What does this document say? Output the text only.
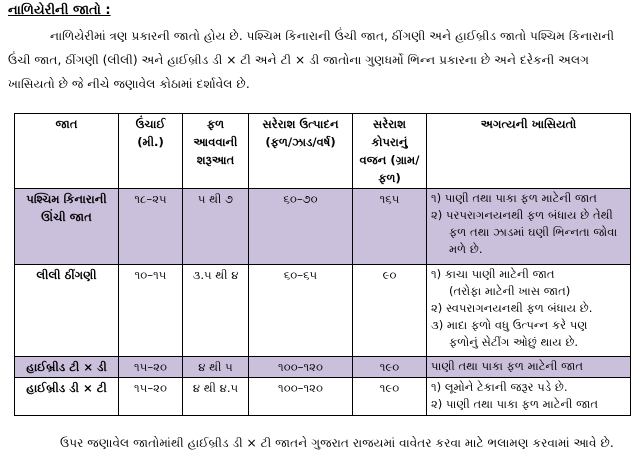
નાળિયેરીની જાતો :
નાળિયેરીમાં ત્રણ પ્રકારની જાતો હોય છે. પશ્ચિમ કિનારાની ઉંચી જાત, ઠીંગણી અને હાઈબ્રીડ જાતો પશ્ચિમ કિનારાની ઉંચી જાત, ઠીંગણી (લીલી) અને હાઈબ્રીડ ડી × ટી અને ટી × ડી જાતોના ગુણધર્મો ભિન્ન પ્રકારના છે અને દરેકની અલગ ખાસિયતો છે જે નીચે જણાવેલ કોઠામાં દર્શાવેલ છે.
જાત	ઉંચાઈ (મી.)	ફળ આવવાની શરૂઆત	સરેરાશ ઉત્પાદન (ફળ/ઝાડ/વર્ષ)	સરેરાશ કોપરાનું વજન (ગ્રામ/ફળ)	અગત્યની ખાસિયતો
પશ્ચિમ કિનારાની ઊંચી જાત	૧૮–૨૫	૫ થી ૭	૬૦–૭૦	૧૬૫	૧) પાણી તથા પાકા ફળ માટેની જાત
૨) પરપરાગનયનથી ફળ બંધાય છે તેથી
ફળ તથા ઝાડમાં ઘણી ભિન્નતા જોવા
મળે છે.

લીલી ઠીંગણી	૧૦–૧૫	૩.૫ થી ૪	૬૦–૬૫	૯૦	૧) કાચા પાણી માટેની જાત
(તરોફા માટેની ખાસ જાત)
૨) સ્વપરાગનયનથી ફળ બંધાય છે.
૩) માદા ફળો વધુ ઉત્પન્ન કરે પણ
ફળોનું સેટીંગ ઓછું થાય છે.

હાઈબ્રીડ ટી × ડી	૧૫–૨૦	૪ થી ૫	૧૦૦–૧૨૦	૧૯૦	પાણી તથા પાકા ફળ માટેની જાત

હાઈબ્રીડ ડી × ટી	૧૫–૨૦	૪ થી ૪.૫	૧૦૦–૧૨૦	૧૯૦	૧) લૂમોને ટેકાની જરૂર પડે છે.
૨) પાણી તથા પાકા ફળ માટેની જાત
ઉપર જણાવેલ જાતોમાંથી હાઈબ્રીડ ડી × ટી જાતને ગુજરાત રાજયમાં વાવેતર કરવા માટે ભલામણ કરવામાં આવે છે.
